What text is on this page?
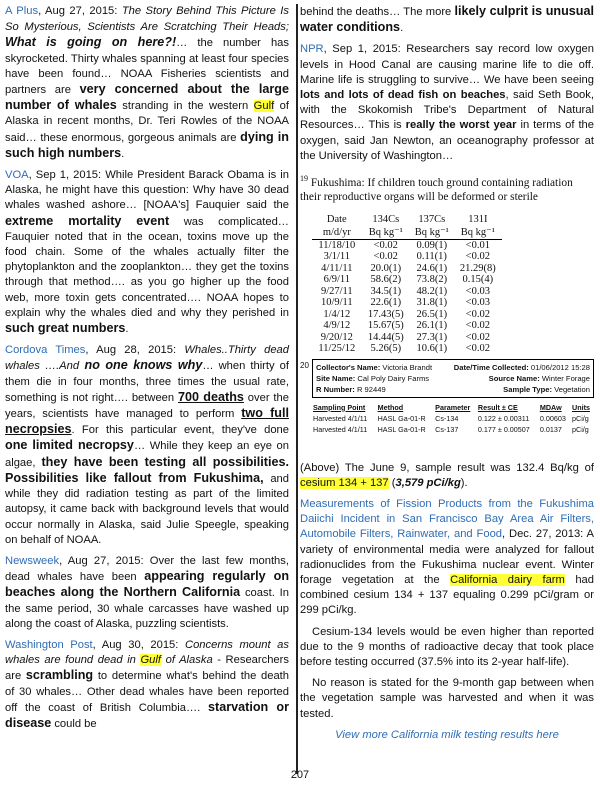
A Plus, Aug 27, 2015: The Story Behind This Picture Is So Mysterious, Scientists Are Scratching Their Heads; What is going on here?!… the number has skyrocketed. Thirty whales spanning at least four species have been found… NOAA Fisheries scientists and partners are very concerned about the large number of whales stranding in the western Gulf of Alaska in recent months, Dr. Teri Rowles of the NOAA said… these enormous, gorgeous animals are dying in such high numbers.

VOA, Sep 1, 2015: While President Barack Obama is in Alaska, he might have this question: Why have 30 dead whales washed ashore… [NOAA's] Fauquier said the extreme mortality event was complicated… Fauquier noted that in the ocean, toxins move up the food chain. Some of the whales actually filter the phytoplankton and the zooplankton… they get the toxins through that method…. as you go higher up the food web, more toxin gets concentrated…. NOAA hopes to explain why the whales died and why they perished in such great numbers.

Cordova Times, Aug 28, 2015: Whales..Thirty dead whales ….And no one knows why… when thirty of them die in four months, three times the usual rate, something is not right…. between 700 deaths over the years, scientists have managed to perform two full necropsies. For this particular event, they've done one limited necropsy… While they keep an eye on algae, they have been testing all possibilities. Possibilities like fallout from Fukushima, and while they did radiation testing as part of the limited autopsy, it came back with background levels that would occur normally in Alaska, said Julie Speegle, speaking on behalf of NOAA.

Newsweek, Aug 27, 2015: Over the last few months, dead whales have been appearing regularly on beaches along the Northern California coast. In the same period, 30 whale carcasses have washed up along the coast of Alaska, puzzling scientists.

Washington Post, Aug 30, 2015: Concerns mount as whales are found dead in Gulf of Alaska - Researchers are scrambling to determine what's behind the death of 30 whales… Other dead whales have been reported off the coast of British Columbia…. starvation or disease could be

behind the deaths… The more likely culprit is unusual water conditions.

NPR, Sep 1, 2015: Researchers say record low oxygen levels in Hood Canal are causing marine life to die off. Marine life is struggling to survive… We have been seeing lots and lots of dead fish on beaches, said Seth Book, with the Skokomish Tribe's Department of Natural Resources… This is really the worst year in terms of the oxygen, said Jan Newton, an oceanography professor at the University of Washington…

$^{19}$ Fukushima: If children touch ground containing radiation their reproductive organs will be deformed or sterile

20
Date	134Cs	137Cs	131I
m/d/yr	Bq kg⁻¹	Bq kg⁻¹	Bq kg⁻¹
11/18/10	<0.02	0.09(1)	<0.01
3/1/11	<0.02	0.11(1)	<0.02
4/11/11	20.0(1)	24.6(1)	21.29(8)
6/9/11	58.6(2)	73.8(2)	0.15(4)
9/27/11	34.5(1)	48.2(1)	<0.03
10/9/11	22.6(1)	31.8(1)	<0.03
1/4/12	17.43(5)	26.5(1)	<0.02
4/9/12	15.67(5)	26.1(1)	<0.02
9/20/12	14.44(5)	27.3(1)	<0.02
11/25/12	5.26(5)	10.6(1)	<0.02
Collector's Name: Victoria Brandt	Date/Time Collected: 01/06/2012 15:28
Site Name: Cal Poly Dairy Farms	Source Name: Winter Forage
R Number: R 92449	Sample Type: Vegetation
Sampling Point	Method	Parameter	Result ± CE	MDAw	Units
Harvested 4/1/11	HASL Ga-01-R	Cs-134	0.122 ± 0.00311	0.00603	pCi/g
Harvested 4/1/11	HASL Ga-01-R	Cs-137	0.177 ± 0.00507	0.0137	pCi/g

(Above) The June 9, sample result was 132.4 Bq/kg of cesium 134 + 137 (3,579 pCi/kg).

Measurements of Fission Products from the Fukushima Daiichi Incident in San Francisco Bay Area Air Filters, Automobile Filters, Rainwater, and Food, Dec. 27, 2013: A variety of environmental media were analyzed for fallout radionuclides from the Fukushima nuclear event. Winter forage vegetation at the California dairy farm had combined cesium 134 + 137 equaling 0.299 pCi/gram or 299 pCi/kg.

Cesium-134 levels would be even higher than reported due to the 9 months of radioactive decay that took place before testing occurred (37.5% into its 2-year half-life).

No reason is stated for the 9-month gap between when the vegetation sample was harvested and when it was tested.

View more California milk testing results here

207
